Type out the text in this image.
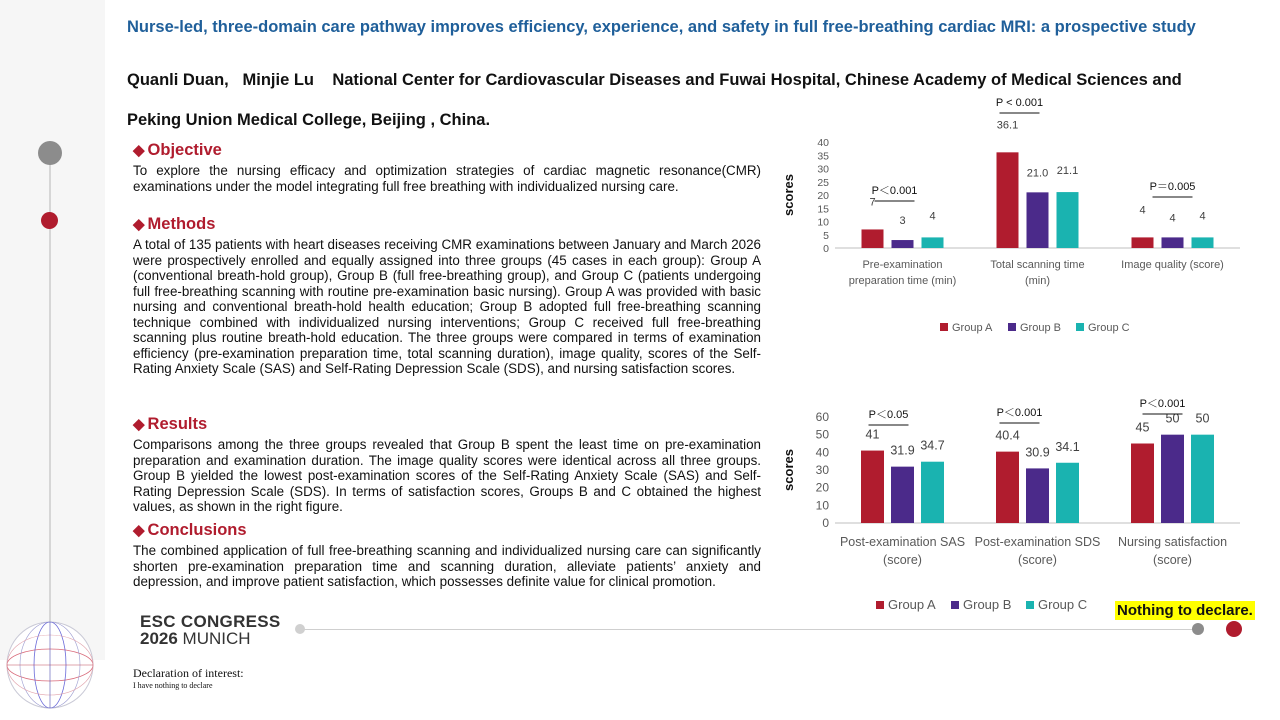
Nurse-led, three-domain care pathway improves efficiency, experience, and safety in full free-breathing cardiac MRI: a prospective study
Quanli Duan,   Minjie Lu    National Center for Cardiovascular Diseases and Fuwai Hospital, Chinese Academy of Medical Sciences and
Peking Union Medical College, Beijing , China.
◆ Objective
To explore the nursing efficacy and optimization strategies of cardiac magnetic resonance(CMR) examinations under the model integrating full free breathing with individualized nursing care.
◆ Methods
A total of 135 patients with heart diseases receiving CMR examinations between January and March 2026 were prospectively enrolled and equally assigned into three groups (45 cases in each group): Group A (conventional breath-hold group), Group B (full free-breathing group), and Group C (patients undergoing full free-breathing scanning with routine pre-examination basic nursing). Group A was provided with basic nursing and conventional breath-hold health education; Group B adopted full free-breathing scanning technique combined with individualized nursing interventions; Group C received full free-breathing scanning plus routine breath-hold education. The three groups were compared in terms of examination efficiency (pre-examination preparation time, total scanning duration), image quality, scores of the Self-Rating Anxiety Scale (SAS) and Self-Rating Depression Scale (SDS), and nursing satisfaction scores.
◆ Results
Comparisons among the three groups revealed that Group B spent the least time on pre-examination preparation and examination duration. The image quality scores were identical across all three groups. Group B yielded the lowest post-examination scores of the Self-Rating Anxiety Scale (SAS) and Self-Rating Depression Scale (SDS). In terms of satisfaction scores, Groups B and C obtained the highest values, as shown in the right figure.
◆ Conclusions
The combined application of full free-breathing scanning and individualized nursing care can significantly shorten pre-examination preparation time and scanning duration, alleviate patients’ anxiety and depression, and improve patient satisfaction, which possesses definite value for clinical promotion.
0
5
10
15
20
25
30
35
40
scores	7
3 4
Pre-examination
preparation time (min)
P＜0.001
36.1
21.0 21.1
Total scanning time
(min)
P < 0.001
4
4 4
Image quality (score)
P＝0.005
Group A	Group B Group C
0
10
20
30
40
50
60
scores
41
31.9 34.7
Post-examination SAS
(score)
P＜0.05
40.4
30.9 34.1
Post-examination SDS
(score)
P＜0.001
45
50 50
Nursing satisfaction
(score)
P＜0.001
Group A Group B Group C
ESC CONGRESS
2026 MUNICH
Nothing to declare.
Declaration of interest:
I have nothing to declare
